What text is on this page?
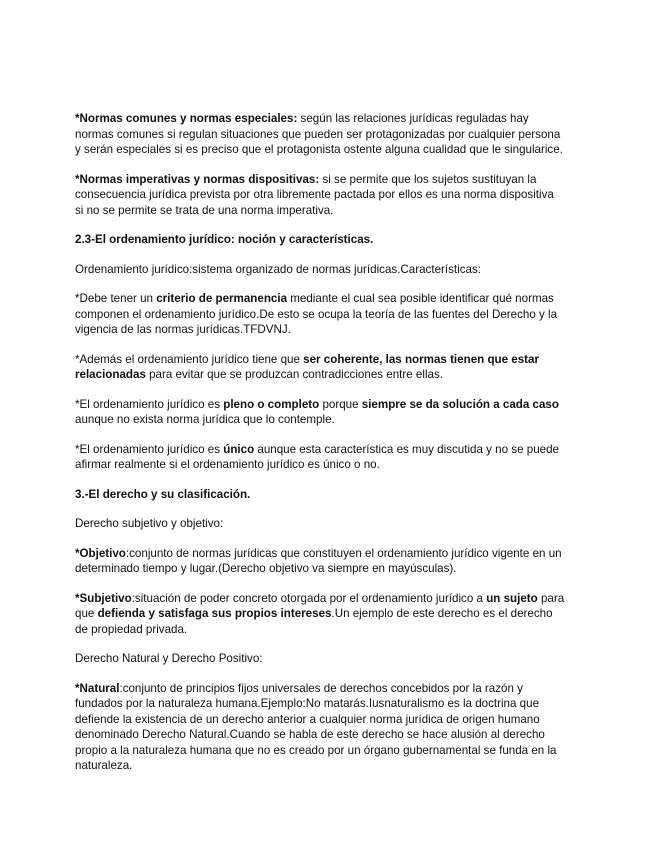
*Normas comunes y normas especiales: según las relaciones jurídicas reguladas hay normas comunes si regulan situaciones que pueden ser protagonizadas por cualquier persona y serán especiales si es preciso que el protagonista ostente alguna cualidad que le singularice.

*Normas imperativas y normas dispositivas: si se permite que los sujetos sustituyan la consecuencia jurídica prevista por otra libremente pactada por ellos es una norma dispositiva si no se permite se trata de una norma imperativa.

2.3-El ordenamiento jurídico: noción y características.

Ordenamiento jurídico:sistema organizado de normas jurídicas.Características:

*Debe tener un criterio de permanencia mediante el cual sea posible identificar qué normas componen el ordenamiento jurídico.De esto se ocupa la teoría de las fuentes del Derecho y la vigencia de las normas jurídicas.TFDVNJ.

*Además el ordenamiento jurídico tiene que ser coherente, las normas tienen que estar relacionadas para evitar que se produzcan contradicciones entre ellas.

*El ordenamiento jurídico es pleno o completo porque siempre se da solución a cada caso aunque no exista norma jurídica que lo contemple.

*El ordenamiento jurídico es único aunque esta característica es muy discutida y no se puede afirmar realmente si el ordenamiento jurídico es único o no.

3.-El derecho y su clasificación.

Derecho subjetivo y objetivo:

*Objetivo:conjunto de normas jurídicas que constituyen el ordenamiento jurídico vigente en un determinado tiempo y lugar.(Derecho objetivo va siempre en mayúsculas).

*Subjetivo:situación de poder concreto otorgada por el ordenamiento jurídico a un sujeto para que defienda y satisfaga sus propios intereses.Un ejemplo de este derecho es el derecho de propiedad privada.

Derecho Natural y Derecho Positivo:

*Natural:conjunto de principios fijos universales de derechos concebidos por la razón y fundados por la naturaleza humana.Ejemplo:No matarás.Iusnaturalismo es la doctrina que defiende la existencia de un derecho anterior a cualquier norma jurídica de origen humano denominado Derecho Natural.Cuando se habla de este derecho se hace alusión al derecho propio a la naturaleza humana que no es creado por un órgano gubernamental se funda en la naturaleza.
